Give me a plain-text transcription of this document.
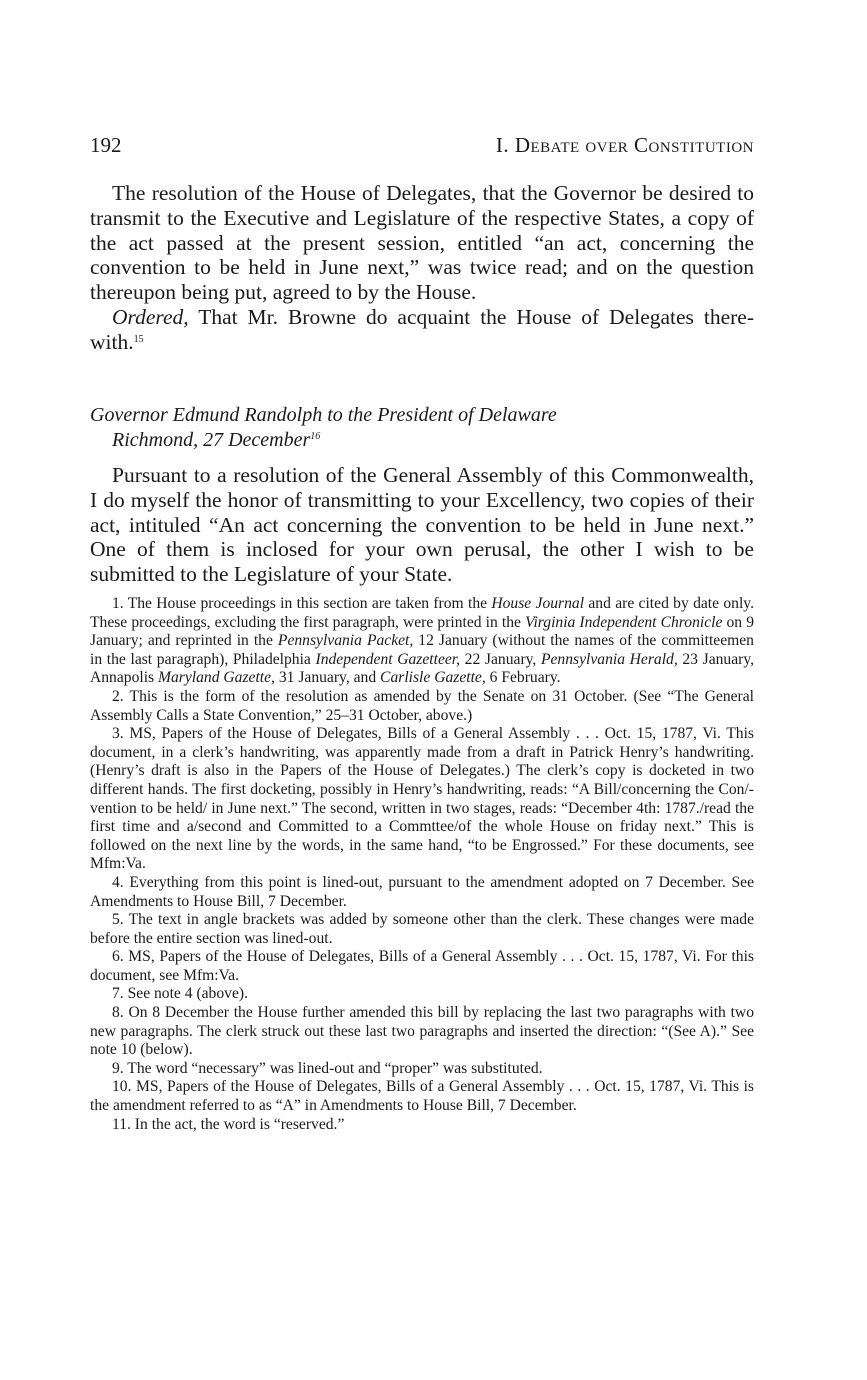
192	I. Debate over Constitution

The resolution of the House of Delegates, that the Governor be desired to transmit to the Executive and Legislature of the respective States, a copy of the act passed at the present session, entitled “an act, concerning the convention to be held in June next,” was twice read; and on the question thereupon being put, agreed to by the House.

Ordered, That Mr. Browne do acquaint the House of Delegates therewith.$^{15}$

Governor Edmund Randolph to the President of Delaware
Richmond, 27 December$^{16}$

Pursuant to a resolution of the General Assembly of this Commonwealth, I do myself the honor of transmitting to your Excellency, two copies of their act, intituled “An act concerning the convention to be held in June next.” One of them is inclosed for your own perusal, the other I wish to be submitted to the Legislature of your State.

1. The House proceedings in this section are taken from the House Journal and are cited by date only. These proceedings, excluding the first paragraph, were printed in the Virginia Independent Chronicle on 9 January; and reprinted in the Pennsylvania Packet, 12 January (without the names of the committeemen in the last paragraph), Philadelphia Independent Gazetteer, 22 January, Pennsylvania Herald, 23 January, Annapolis Maryland Gazette, 31 January, and Carlisle Gazette, 6 February.

2. This is the form of the resolution as amended by the Senate on 31 October. (See “The General Assembly Calls a State Convention,” 25–31 October, above.)

3. MS, Papers of the House of Delegates, Bills of a General Assembly . . . Oct. 15, 1787, Vi. This document, in a clerk’s handwriting, was apparently made from a draft in Patrick Henry’s handwriting. (Henry’s draft is also in the Papers of the House of Delegates.) The clerk’s copy is docketed in two different hands. The first docketing, possibly in Henry’s handwriting, reads: “A Bill/concerning the Con/-vention to be held/ in June next.” The second, written in two stages, reads: “December 4th: 1787./read the first time and a/second and Committed to a Commttee/of the whole House on friday next.” This is followed on the next line by the words, in the same hand, “to be Engrossed.” For these documents, see Mfm:Va.

4. Everything from this point is lined-out, pursuant to the amendment adopted on 7 December. See Amendments to House Bill, 7 December.

5. The text in angle brackets was added by someone other than the clerk. These changes were made before the entire section was lined-out.

6. MS, Papers of the House of Delegates, Bills of a General Assembly . . . Oct. 15, 1787, Vi. For this document, see Mfm:Va.

7. See note 4 (above).

8. On 8 December the House further amended this bill by replacing the last two paragraphs with two new paragraphs. The clerk struck out these last two paragraphs and inserted the direction: “(See A).” See note 10 (below).

9. The word “necessary” was lined-out and “proper” was substituted.

10. MS, Papers of the House of Delegates, Bills of a General Assembly . . . Oct. 15, 1787, Vi. This is the amendment referred to as “A” in Amendments to House Bill, 7 December.

11. In the act, the word is “reserved.”
